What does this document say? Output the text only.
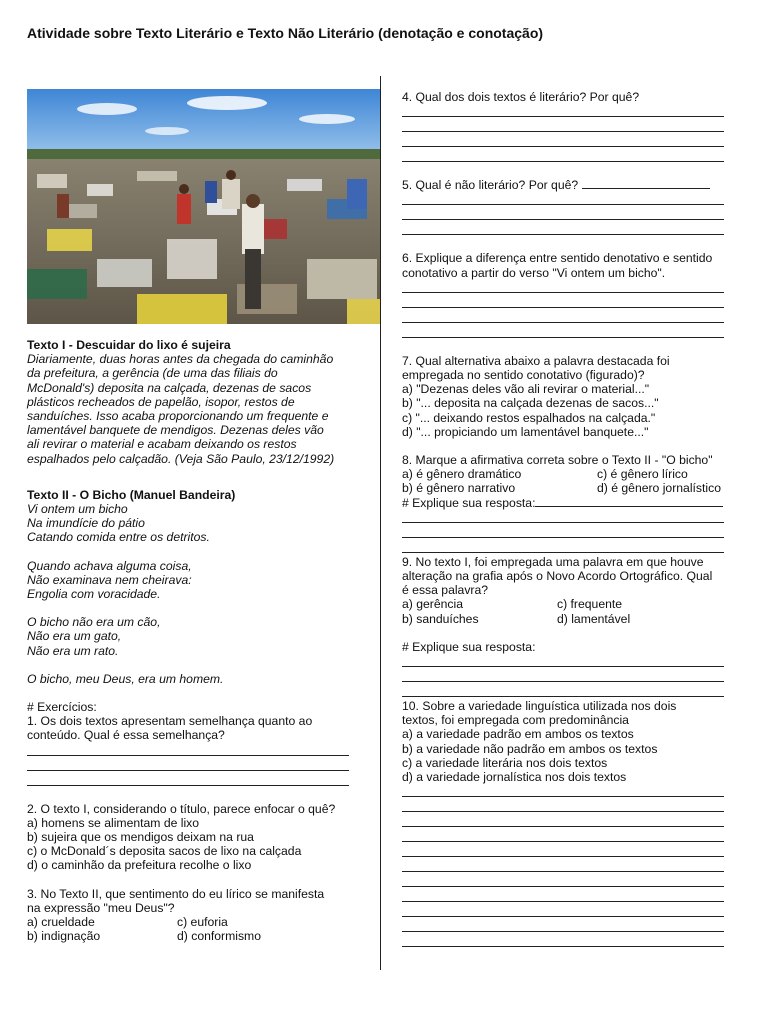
Atividade sobre Texto Literário e Texto Não Literário (denotação e conotação)
Texto I - Descuidar do lixo é sujeira
Diariamente, duas horas antes da chegada do caminhão
da prefeitura, a gerência (de uma das filiais do
McDonald's) deposita na calçada, dezenas de sacos
plásticos recheados de papelão, isopor, restos de
sanduíches. Isso acaba proporcionando um frequente e
lamentável banquete de mendigos. Dezenas deles vão
ali revirar o material e acabam deixando os restos
espalhados pelo calçadão. (Veja São Paulo, 23/12/1992)
Texto II - O Bicho (Manuel Bandeira)
Vi ontem um bicho
Na imundície do pátio
Catando comida entre os detritos.
Quando achava alguma coisa,
Não examinava nem cheirava:
Engolia com voracidade.
O bicho não era um cão,
Não era um gato,
Não era um rato.
O bicho, meu Deus, era um homem.
# Exercícios:
1. Os dois textos apresentam semelhança quanto ao
conteúdo. Qual é essa semelhança?
2. O texto I, considerando o título, parece enfocar o quê?
a) homens se alimentam de lixo
b) sujeira que os mendigos deixam na rua
c) o McDonald´s deposita sacos de lixo na calçada
d) o caminhão da prefeitura recolhe o lixo
3. No Texto II, que sentimento do eu lírico se manifesta
na expressão "meu Deus"?
a) crueldade	c) euforia
b) indignação	d) conformismo
4. Qual dos dois textos é literário? Por quê?
5. Qual é não literário? Por quê?
6. Explique a diferença entre sentido denotativo e sentido
conotativo a partir do verso "Vi ontem um bicho".
7. Qual alternativa abaixo a palavra destacada foi
empregada no sentido conotativo (figurado)?
a) "Dezenas deles vão ali revirar o material..."
b) "... deposita na calçada dezenas de sacos..."
c) "... deixando restos espalhados na calçada."
d) "... propiciando um lamentável banquete..."
8. Marque a afirmativa correta sobre o Texto II - "O bicho"
a) é gênero dramático	c) é gênero lírico
b) é gênero narrativo	d) é gênero jornalístico
# Explique sua resposta:
9. No texto I, foi empregada uma palavra em que houve
alteração na grafia após o Novo Acordo Ortográfico. Qual
é essa palavra?
a) gerência	c) frequente
b) sanduíches	d) lamentável
# Explique sua resposta:
10. Sobre a variedade linguística utilizada nos dois
textos, foi empregada com predominância
a) a variedade padrão em ambos os textos
b) a variedade não padrão em ambos os textos
c) a variedade literária nos dois textos
d) a variedade jornalística nos dois textos
